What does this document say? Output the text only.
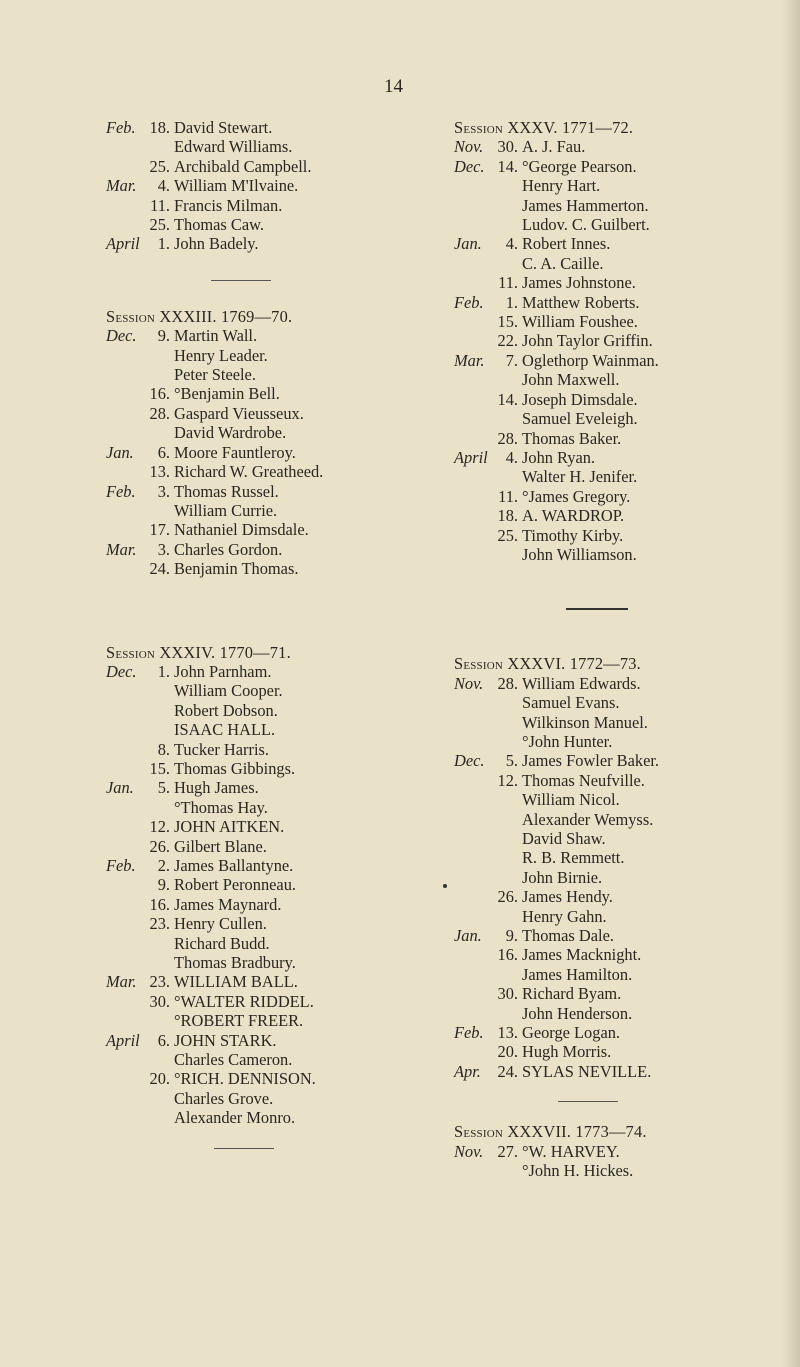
14
Feb. 18. David Stewart.
Edward Williams.
25. Archibald Campbell.
Mar.	4. William M'Ilvaine.
11. Francis Milman.
25. Thomas Caw.
April	1. John Badely.
Session XXXIII. 1769—70.
Dec.	9. Martin Wall.
Henry Leader.
Peter Steele.
16. °Benjamin Bell.
28. Gaspard Vieusseux.
David Wardrobe.
Jan.	6. Moore Fauntleroy.
13. Richard W. Greatheed.
Feb.	3. Thomas Russel.
William Currie.
17. Nathaniel Dimsdale.
Mar.	3. Charles Gordon.
24. Benjamin Thomas.
Session XXXIV. 1770—71.
Dec.	1. John Parnham.
William Cooper.
Robert Dobson.
ISAAC HALL.
8. Tucker Harris.
15. Thomas Gibbings.
Jan.	5. Hugh James.
°Thomas Hay.
12. JOHN AITKEN.
26. Gilbert Blane.
Feb.	2. James Ballantyne.
9. Robert Peronneau.
16. James Maynard.
23. Henry Cullen.
Richard Budd.
Thomas Bradbury.
Mar. 23. WILLIAM BALL.
30. °WALTER RIDDEL.
°ROBERT FREER.
April	6. JOHN STARK.
Charles Cameron.
20. °RICH. DENNISON.
Charles Grove.
Alexander Monro.
Session XXXV. 1771—72.
Nov. 30. A. J. Fau.
Dec. 14. °George Pearson.
Henry Hart.
James Hammerton.
Ludov. C. Guilbert.
Jan.	4. Robert Innes.
C. A. Caille.
11. James Johnstone.
Feb.	1. Matthew Roberts.
15. William Foushee.
22. John Taylor Griffin.
Mar.	7. Oglethorp Wainman.
John Maxwell.
14. Joseph Dimsdale.
Samuel Eveleigh.
28. Thomas Baker.
April	4. John Ryan.
Walter H. Jenifer.
11. °James Gregory.
18. A. WARDROP.
25. Timothy Kirby.
John Williamson.
Session XXXVI. 1772—73.
Nov. 28. William Edwards.
Samuel Evans.
Wilkinson Manuel.
°John Hunter.
Dec.	5. James Fowler Baker.
12. Thomas Neufville.
William Nicol.
Alexander Wemyss.
David Shaw.
R. B. Remmett.
John Birnie.
26. James Hendy.
Henry Gahn.
Jan.	9. Thomas Dale.
16. James Macknight.
James Hamilton.
30. Richard Byam.
John Henderson.
Feb. 13. George Logan.
20. Hugh Morris.
Apr.	24. SYLAS NEVILLE.
Session XXXVII. 1773—74.
Nov. 27. °W. HARVEY.
°John H. Hickes.
